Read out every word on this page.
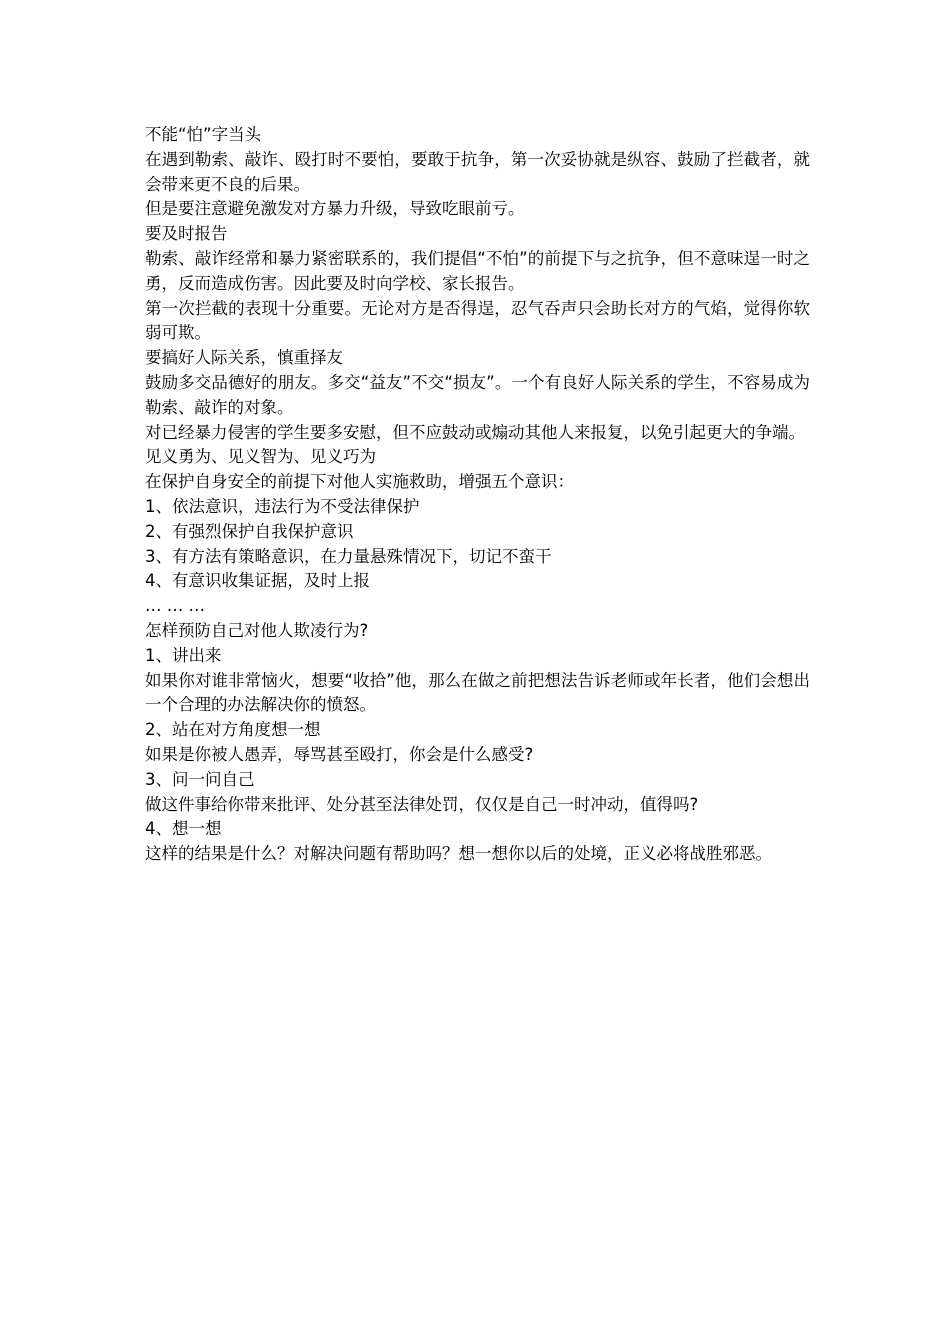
不能“怕”字当头

在遇到勒索、敲诈、殴打时不要怕，要敢于抗争，第一次妥协就是纵容、鼓励了拦截者，就会带来更不良的后果。

但是要注意避免激发对方暴力升级，导致吃眼前亏。

要及时报告

勒索、敲诈经常和暴力紧密联系的，我们提倡“不怕”的前提下与之抗争，但不意味逞一时之勇，反而造成伤害。因此要及时向学校、家长报告。

第一次拦截的表现十分重要。无论对方是否得逞，忍气吞声只会助长对方的气焰，觉得你软弱可欺。

要搞好人际关系，慎重择友

鼓励多交品德好的朋友。多交“益友”不交“损友”。一个有良好人际关系的学生，不容易成为勒索、敲诈的对象。

对已经暴力侵害的学生要多安慰，但不应鼓动或煽动其他人来报复，以免引起更大的争端。

见义勇为、见义智为、见义巧为

在保护自身安全的前提下对他人实施救助，增强五个意识：

1、依法意识，违法行为不受法律保护

2、有强烈保护自我保护意识

3、有方法有策略意识，在力量悬殊情况下，切记不蛮干

4、有意识收集证据，及时上报

… … …

怎样预防自己对他人欺凌行为?

1、讲出来

如果你对谁非常恼火，想要“收拾”他，那么在做之前把想法告诉老师或年长者，他们会想出一个合理的办法解决你的愤怒。

2、站在对方角度想一想

如果是你被人愚弄，辱骂甚至殴打，你会是什么感受?

3、问一问自己

做这件事给你带来批评、处分甚至法律处罚，仅仅是自己一时冲动，值得吗?

4、想一想

这样的结果是什么？对解决问题有帮助吗？想一想你以后的处境，正义必将战胜邪恶。
